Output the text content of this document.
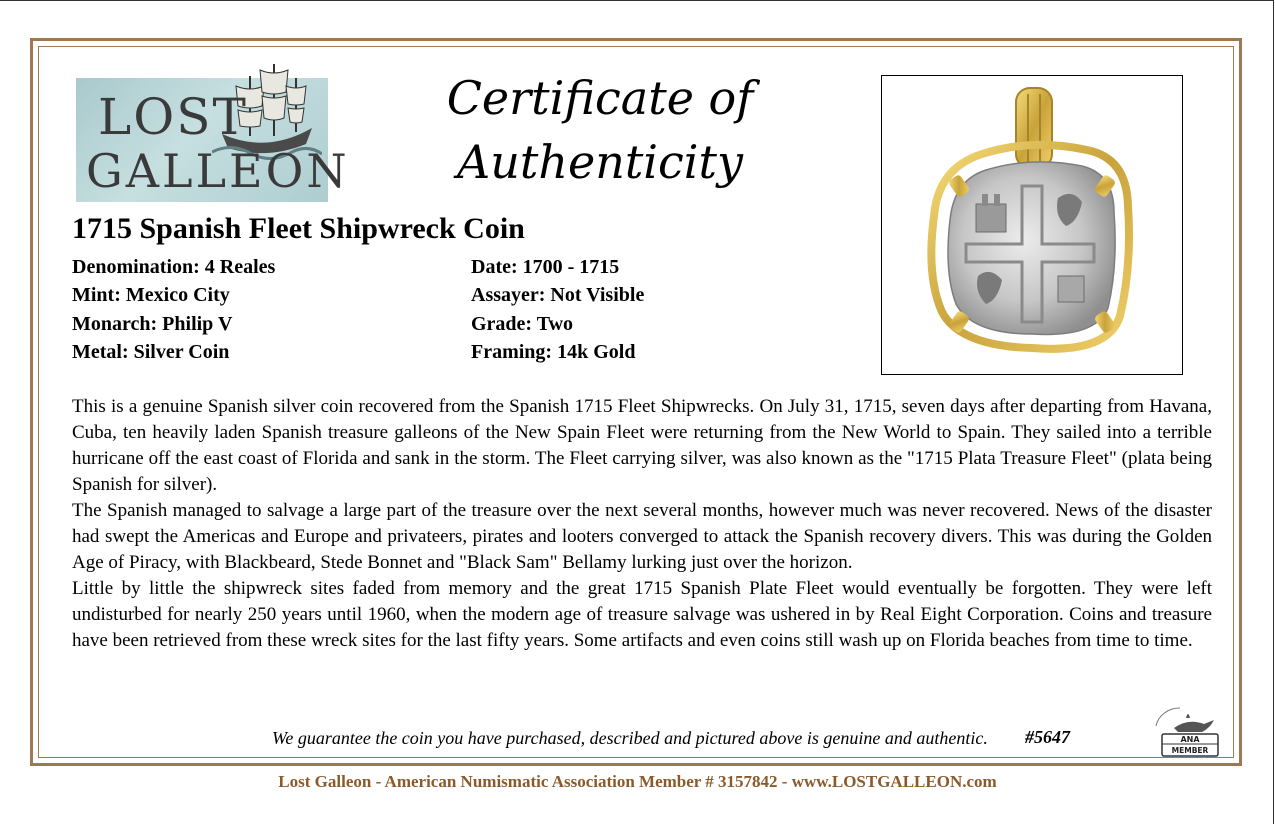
LOST
GALLEON
Certificate of
Authenticity
1715 Spanish Fleet Shipwreck Coin
Denomination: 4 Reales
Mint: Mexico City
Monarch: Philip V
Metal: Silver Coin
Date: 1700 - 1715
Assayer: Not Visible
Grade: Two
Framing: 14k Gold

This is a genuine Spanish silver coin recovered from the Spanish 1715 Fleet Shipwrecks. On July 31, 1715, seven days after departing from Havana, Cuba, ten heavily laden Spanish treasure galleons of the New Spain Fleet were returning from the New World to Spain. They sailed into a terrible hurricane off the east coast of Florida and sank in the storm. The Fleet carrying silver, was also known as the "1715 Plata Treasure Fleet" (plata being Spanish for silver).

The Spanish managed to salvage a large part of the treasure over the next several months, however much was never recovered. News of the disaster had swept the Americas and Europe and privateers, pirates and looters converged to attack the Spanish recovery divers. This was during the Golden Age of Piracy, with Blackbeard, Stede Bonnet and "Black Sam" Bellamy lurking just over the horizon.

Little by little the shipwreck sites faded from memory and the great 1715 Spanish Plate Fleet would eventually be forgotten. They were left undisturbed for nearly 250 years until 1960, when the modern age of treasure salvage was ushered in by Real Eight Corporation. Coins and treasure have been retrieved from these wreck sites for the last fifty years. Some artifacts and even coins still wash up on Florida beaches from time to time.

We guarantee the coin you have purchased, described and pictured above is genuine and authentic. #5647	ANA
MEMBER
Lost Galleon - American Numismatic Association Member # 3157842 - www.LOSTGALLEON.com
